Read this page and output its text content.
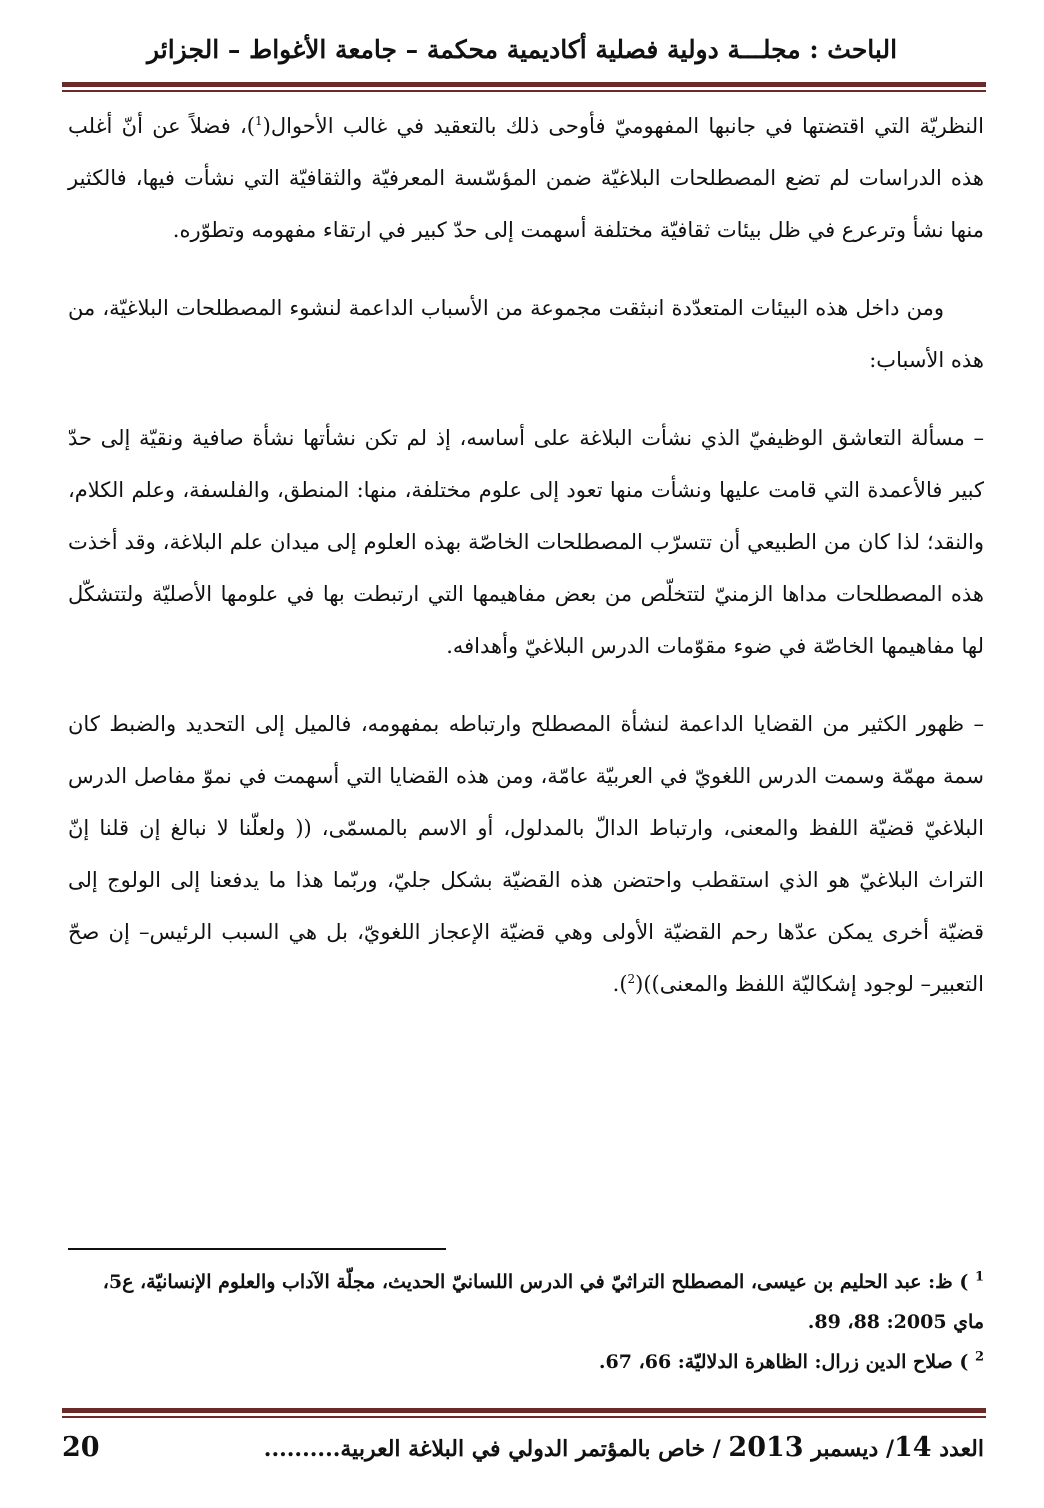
الباحث : مجلـــة دولية فصلية أكاديمية محكمة – جامعة الأغواط – الجزائر

النظريّة التي اقتضتها في جانبها المفهوميّ فأوحى ذلك بالتعقيد في غالب الأحوال($^1$)، فضلاً عن أنّ أغلب هذه الدراسات لم تضع المصطلحات البلاغيّة ضمن المؤسّسة المعرفيّة والثقافيّة التي نشأت فيها، فالكثير منها نشأ وترعرع في ظل بيئات ثقافيّة مختلفة أسهمت إلى حدّ كبير في ارتقاء مفهومه وتطوّره.

ومن داخل هذه البيئات المتعدّدة انبثقت مجموعة من الأسباب الداعمة لنشوء المصطلحات البلاغيّة، من هذه الأسباب:

– مسألة التعاشق الوظيفيّ الذي نشأت البلاغة على أساسه، إذ لم تكن نشأتها نشأة صافية ونقيّة إلى حدّ كبير فالأعمدة التي قامت عليها ونشأت منها تعود إلى علوم مختلفة، منها: المنطق، والفلسفة، وعلم الكلام، والنقد؛ لذا كان من الطبيعي أن تتسرّب المصطلحات الخاصّة بهذه العلوم إلى ميدان علم البلاغة، وقد أخذت هذه المصطلحات مداها الزمنيّ لتتخلّص من بعض مفاهيمها التي ارتبطت بها في علومها الأصليّة ولتتشكّل لها مفاهيمها الخاصّة في ضوء مقوّمات الدرس البلاغيّ وأهدافه.

– ظهور الكثير من القضايا الداعمة لنشأة المصطلح وارتباطه بمفهومه، فالميل إلى التحديد والضبط كان سمة مهمّة وسمت الدرس اللغويّ في العربيّة عامّة، ومن هذه القضايا التي أسهمت في نموّ مفاصل الدرس البلاغيّ قضيّة اللفظ والمعنى، وارتباط الدالّ بالمدلول، أو الاسم بالمسمّى، (( ولعلّنا لا نبالغ إن قلنا إنّ التراث البلاغيّ هو الذي استقطب واحتضن هذه القضيّة بشكل جليّ، وربّما هذا ما يدفعنا إلى الولوج إلى قضيّة أخرى يمكن عدّها رحم القضيّة الأولى وهي قضيّة الإعجاز اللغويّ، بل هي السبب الرئيس– إن صحّ التعبير– لوجود إشكاليّة اللفظ والمعنى))($^2$).

$^1$ ) ظ: عبد الحليم بن عيسى، المصطلح التراثيّ في الدرس اللسانيّ الحديث، مجلّة الآداب والعلوم الإنسانيّة، ع5، ماي 2005: 88، 89.

$^2$ ) صلاح الدين زرال: الظاهرة الدلاليّة: 66، 67.

العدد 14/ ديسمبر 2013 / خاص بالمؤتمر الدولي في البلاغة العربية..........
20
